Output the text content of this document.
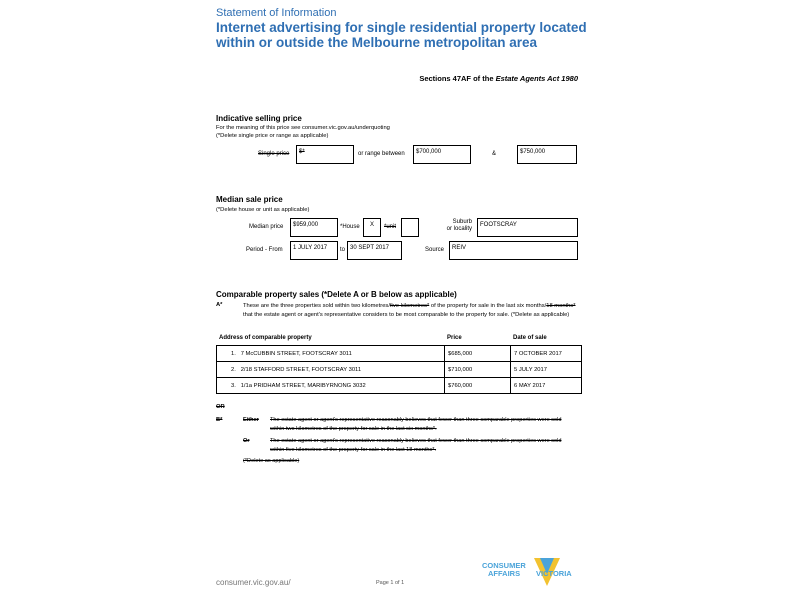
Statement of Information
Internet advertising for single residential property located within or outside the Melbourne metropolitan area
Sections 47AF of the Estate Agents Act 1980
Indicative selling price
For the meaning of this price see consumer.vic.gov.au/underquoting
(*Delete single price or range as applicable)
Single price	$*	or range between	$700,000	&	$750,000
Median sale price
(*Delete house or unit as applicable)
Median price	$959,000	*House	X	*unit
Suburb
or locality
FOOTSCRAY
Period - From	1 JULY 2017	to 30 SEPT 2017	Source	REIV
Comparable property sales (*Delete A or B below as applicable)
A*	These are the three properties sold within two kilometres/five kilometres* of the property for sale in the last six months/18 months* that the estate agent or agent's representative considers to be most comparable to the property for sale. (*Delete as applicable)
Address of comparable property	Price	Date of sale
1. 7 McCUBBIN STREET, FOOTSCRAY 3011	$685,000	7 OCTOBER 2017
2. 2/18 STAFFORD STREET, FOOTSCRAY 3011	$710,000	5 JULY 2017
3. 1/1a PRIDHAM STREET, MARIBYRNONG 3032	$760,000	6 MAY 2017
OR
B*	Either The estate agent or agent's representative reasonably believes that fewer than three comparable properties were sold within two kilometres of the property for sale in the last six months*.
Or	The estate agent or agent's representative reasonably believes that fewer than three comparable properties were sold within five kilometres of the property for sale in the last 18 months*.
(*Delete as applicable)
consumer.vic.gov.au/	Page 1 of 1
CONSUMER
AFFAIRS VICTORIA
